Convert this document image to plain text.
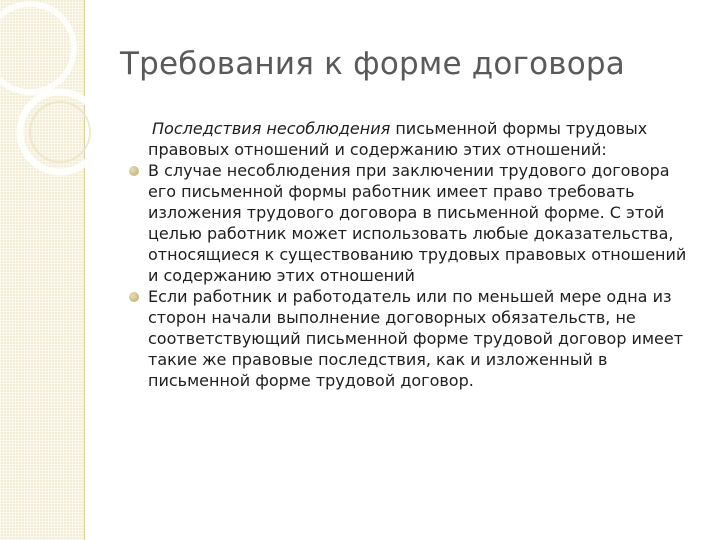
Требования к форме договора

Последствия несоблюдения письменной формы трудовых правовых отношений и содержанию этих отношений:

В случае несоблюдения при заключении трудового договора его письменной формы работник имеет право требовать изложения трудового договора в письменной форме. С этой целью работник может использовать любые доказательства, относящиеся к существованию трудовых правовых отношений и содержанию этих отношений

Если работник и работодатель или по меньшей мере одна из сторон начали выполнение договорных обязательств, не соответствующий письменной форме трудовой договор имеет такие же правовые последствия, как и изложенный в письменной форме трудовой договор.
